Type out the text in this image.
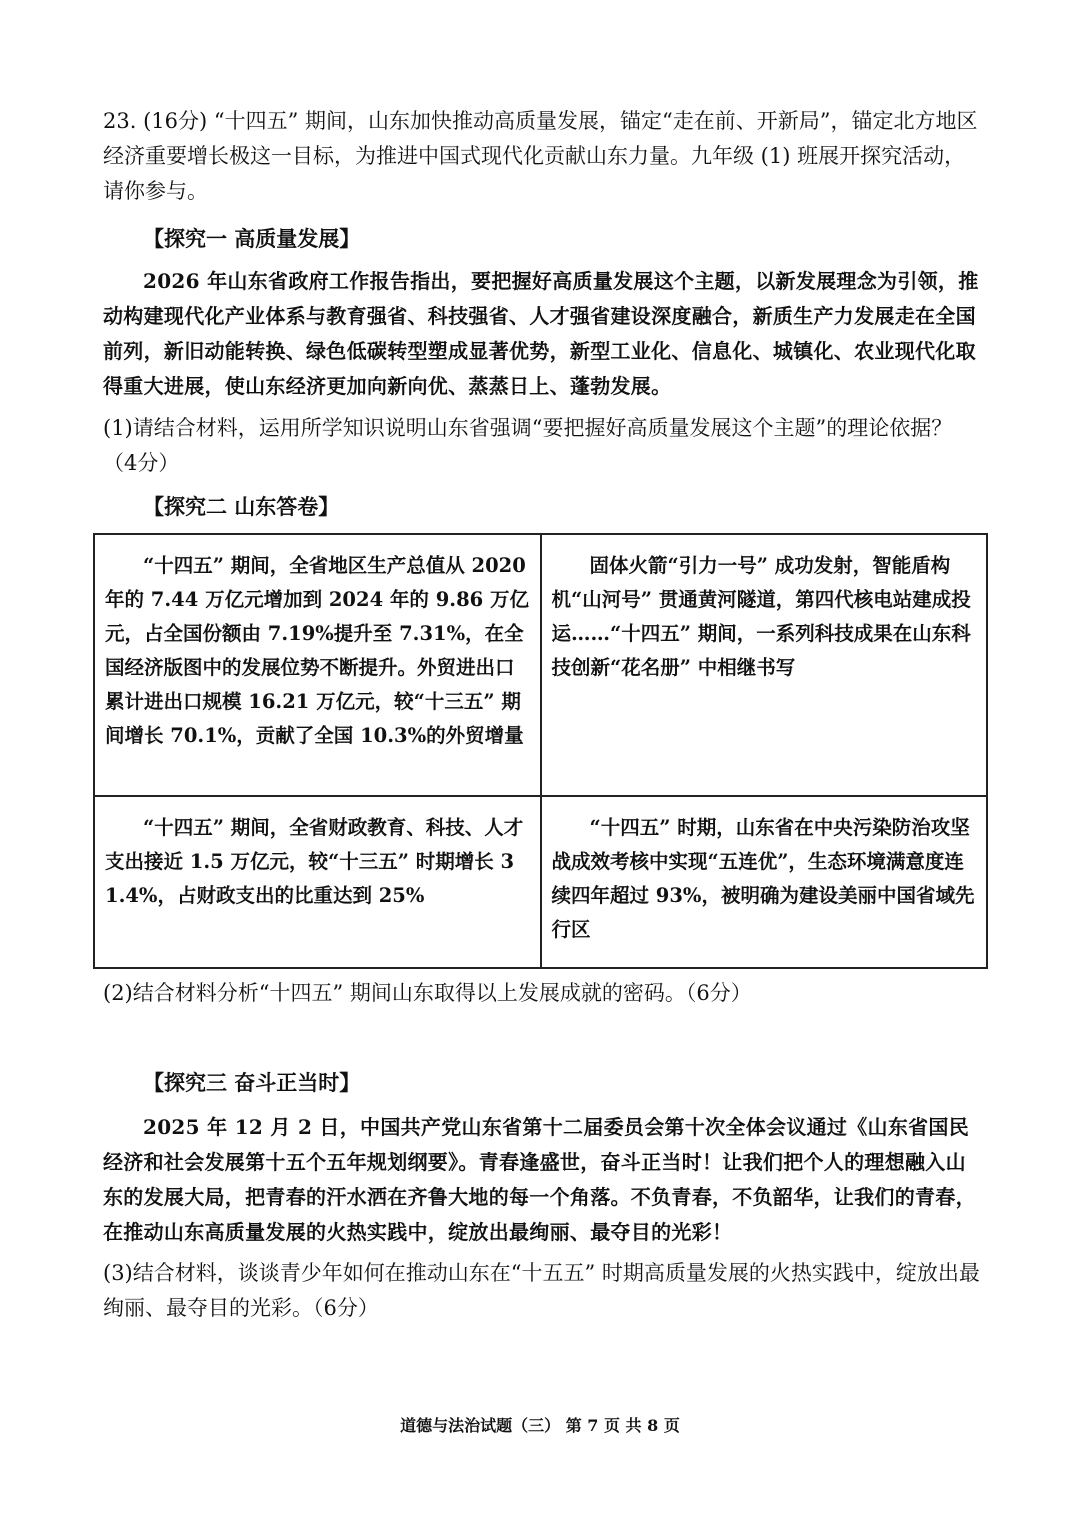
23. (16分) “十四五” 期间，山东加快推动高质量发展，锚定“走在前、开新局”，锚定北方地区经济重要增长极这一目标，为推进中国式现代化贡献山东力量。九年级 (1) 班展开探究活动，请你参与。
【探究一 高质量发展】
2026 年山东省政府工作报告指出，要把握好高质量发展这个主题，以新发展理念为引领，推动构建现代化产业体系与教育强省、科技强省、人才强省建设深度融合，新质生产力发展走在全国前列，新旧动能转换、绿色低碳转型塑成显著优势，新型工业化、信息化、城镇化、农业现代化取得重大进展，使山东经济更加向新向优、蒸蒸日上、蓬勃发展。
(1)请结合材料，运用所学知识说明山东省强调“要把握好高质量发展这个主题”的理论依据？（4分）
【探究二 山东答卷】
“十四五” 期间，全省地区生产总值从 2020 年的 7.44 万亿元增加到 2024 年的 9.86 万亿元，占全国份额由 7.19%提升至 7.31%，在全国经济版图中的发展位势不断提升。外贸进出口累计进出口规模 16.21 万亿元，较“十三五” 期间增长 70.1%，贡献了全国 10.3%的外贸增量	固体火箭“引力一号” 成功发射，智能盾构机“山河号” 贯通黄河隧道，第四代核电站建成投运……“十四五” 期间，一系列科技成果在山东科技创新“花名册” 中相继书写
“十四五” 期间，全省财政教育、科技、人才支出接近 1.5 万亿元，较“十三五” 时期增长 31.4%，占财政支出的比重达到 25%	“十四五” 时期，山东省在中央污染防治攻坚战成效考核中实现“五连优”，生态环境满意度连续四年超过 93%，被明确为建设美丽中国省域先行区
(2)结合材料分析“十四五” 期间山东取得以上发展成就的密码。（6分）
【探究三 奋斗正当时】
2025 年 12 月 2 日，中国共产党山东省第十二届委员会第十次全体会议通过《山东省国民经济和社会发展第十五个五年规划纲要》。青春逢盛世，奋斗正当时！让我们把个人的理想融入山东的发展大局，把青春的汗水洒在齐鲁大地的每一个角落。不负青春，不负韶华，让我们的青春，在推动山东高质量发展的火热实践中，绽放出最绚丽、最夺目的光彩！
(3)结合材料，谈谈青少年如何在推动山东在“十五五” 时期高质量发展的火热实践中，绽放出最绚丽、最夺目的光彩。（6分）
道德与法治试题（三） 第 7 页 共 8 页
